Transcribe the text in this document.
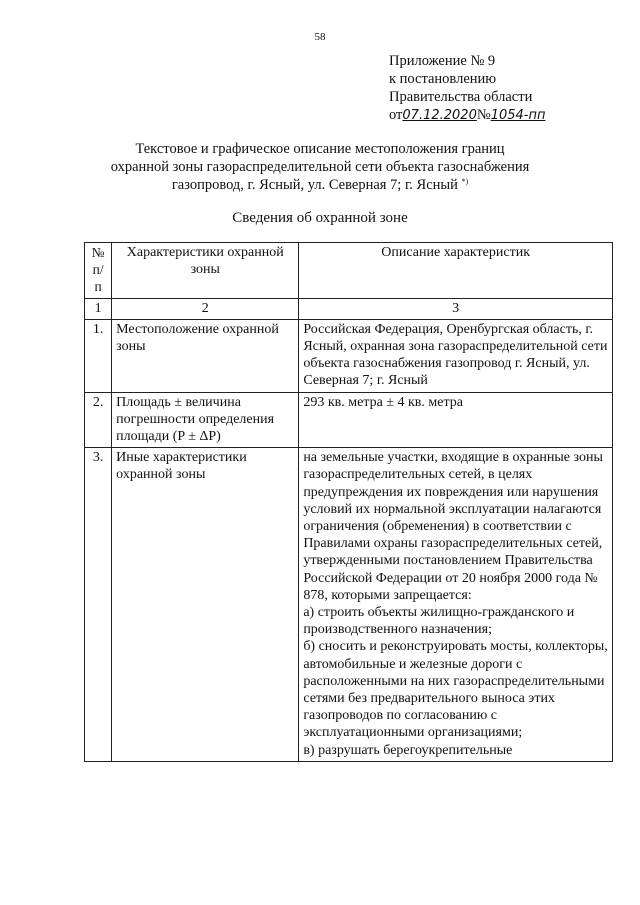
58
Приложение № 9
к постановлению
Правительства области
от07.12.2020№1054-пп
Текстовое и графическое описание местоположения границ
охранной зоны газораспределительной сети объекта газоснабжения
газопровод, г. Ясный, ул. Северная 7; г. Ясный *)
Сведения об охранной зоне
№ п/п	Характеристики охранной зоны	Описание характеристик
1	2	3
1.	Местоположение охранной зоны	Российская Федерация, Оренбургская область, г. Ясный, охранная зона газораспределительной сети объекта газоснабжения газопровод г. Ясный, ул. Северная 7; г. Ясный
2.	Площадь ± величина погрешности определения площади (P ± ΔP)	293 кв. метра ± 4 кв. метра
3.	Иные характеристики охранной зоны	на земельные участки, входящие в охранные зоны газораспределительных сетей, в целях предупреждения их повреждения или нарушения условий их нормальной эксплуатации налагаются ограничения (обременения) в соответствии с Правилами охраны газораспределительных сетей, утвержденными постановлением Правительства Российской Федерации от 20 ноября 2000 года № 878, которыми запрещается:
а) строить объекты жилищно-гражданского и производственного назначения;
б) сносить и реконструировать мосты, коллекторы, автомобильные и железные дороги с расположенными на них газораспределительными сетями без предварительного выноса этих газопроводов по согласованию с эксплуатационными организациями;
в) разрушать берегоукрепительные
